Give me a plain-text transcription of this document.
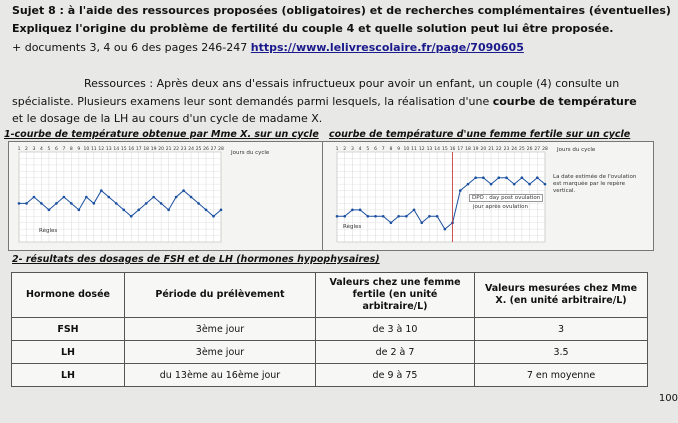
Sujet 8 : à l'aide des ressources proposées (obligatoires) et de recherches complémentaires (éventuelles)
Expliquez l'origine du problème de fertilité du couple 4 et quelle solution peut lui être proposée.
+ documents 3, 4 ou 6 des pages 246-247 https://www.lelivrescolaire.fr/page/7090605
Ressources : Après deux ans d'essais infructueux pour avoir un enfant, un couple (4) consulte un
spécialiste. Plusieurs examens leur sont demandés parmi lesquels, la réalisation d'une courbe de température
et le dosage de la LH au cours d'un cycle de madame X.
1-courbe de température obtenue par Mme X. sur un cycle
1 2 3 4 5 6 7 8 9 10 11 12 13 14 15 16 17 18 19 20 21 22 23 24 25 26 27 28
Jours du cycle
Règles
courbe de température d'une femme fertile sur un cycle
1 2 3 4 5 6 7 8 9 10 11 12 13 14 15 16 17 18 19 20 21 22 23 24 25 26 27 28 Jours du cycle
La date estimée de l'ovulation est marquée par le repère vertical.
DPO : day post ovulation
jour après ovulation
Règles
2- résultats des dosages de FSH et de LH (hormones hypophysaires)
Hormone dosée	Période du prélèvement	Valeurs chez une femme fertile (en unité arbitraire/L)	Valeurs mesurées chez Mme X. (en unité arbitraire/L)
FSH	3ème jour	de 3 à 10	3
LH	3ème jour	de 2 à 7	3.5
LH	du 13ème au 16ème jour	de 9 à 75	7 en moyenne
100
